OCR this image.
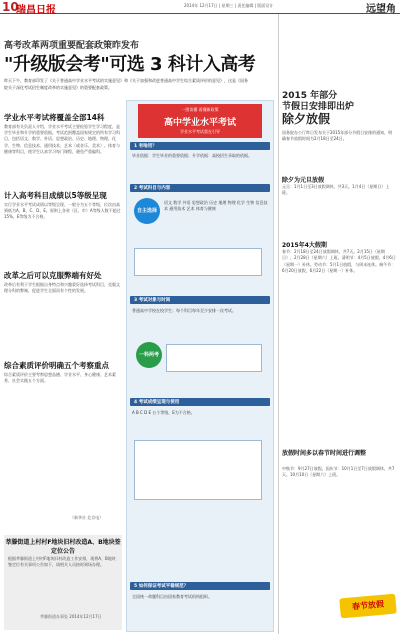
10
瑞昌日报	2014年 12月17日 | 星期三 | 责任编辑 | 版面设计	远望角
高考改革两项重要配套政策昨发布
"升级版会考"可选 3 科计入高考
昨天下午，教育部印发了《关于普通高中学业水平考试的实施意见》和《关于加强和改进普通高中学生综合素质评价的意见》，这是《国务院关于深化考试招生制度改革的实施意见》的重要配套政策。
学业水平考试将覆盖全部14科
教育部有关负责人介绍，学业水平考试主要检验学生学习程度，是学生毕业和升学的重要依据。考试范围覆盖国家规定的所有学习科目，包括语文、数学、外语、思想政治、历史、地理、物理、化学、生物、信息技术、通用技术、艺术（或音乐、美术）、体育与健康等科目，使学生认真学习每门课程，避免严重偏科。
计入高考科目成绩以5等级呈现
实行学业水平考试成绩以等级呈现，一般分为五个等级，位次由高到低为A、B、C、D、E。原则上各省（区、市）A等级人数不超过15%，E等级为不合格。
改革之后可以克服弊端有好处
改革后有利于学生根据自身特点和兴趣爱好选择考试科目，克服文理分科的弊端，促进学生全面而有个性的发展。
综合素质评价明确五个考察重点
综合素质评价主要考察思想品德、学业水平、身心健康、艺术素养、社会实践五个方面。
（新华社 北京电）
莘滕街道上村村F地块旧村改造A、B地块签定位公告
根据莘滕街道上村村F地块旧村改造工作安排，现将A、B地块签定位有关事项公告如下，请相关人员按时到场办理。
莘滕街道办事处 2014年12月17日
一图读懂 看懂新政策
高中学业水平考试
学业水平考试重在引导
1 有啥用？
毕业依据：学生毕业的重要依据；升学依据：高校招生录取的依据。
2 考试科目与内容
自主选择
语文 数学 外语 思想政治 历史 地理 物理 化学 生物 信息技术 通用技术 艺术 体育与健康
3 考试对象与时间
普通高中学校在校学生；每个科目每年至少安排一次考试。
一科两考
4 考试成绩呈现与使用
A B C D E 五个等级，E为不合格。
5 如何保证考试平稳规范？
全国统一命题科目由国家教育考试机构组织。
2015 年部分
节假日安排即出炉
除夕放假
国务院办公厅昨日发布关于2015年部分节假日安排的通知，明确春节放假时间为2月18日至24日。
除夕为元旦放假
元旦：1月1日至3日放假调休，共3天。1月4日（星期日）上班。
2015年4大假期
春节：2月18日至24日放假调休，共7天。2月15日（星期日）、2月28日（星期六）上班。清明节：4月5日放假，4月6日（星期一）补休。劳动节：5月1日放假，与周末连休。端午节：6月20日放假，6月22日（星期一）补休。
放假时间多以春节时间进行调整
中秋节：9月27日放假。国庆节：10月1日至7日放假调休，共7天。10月10日（星期六）上班。
春节放假
